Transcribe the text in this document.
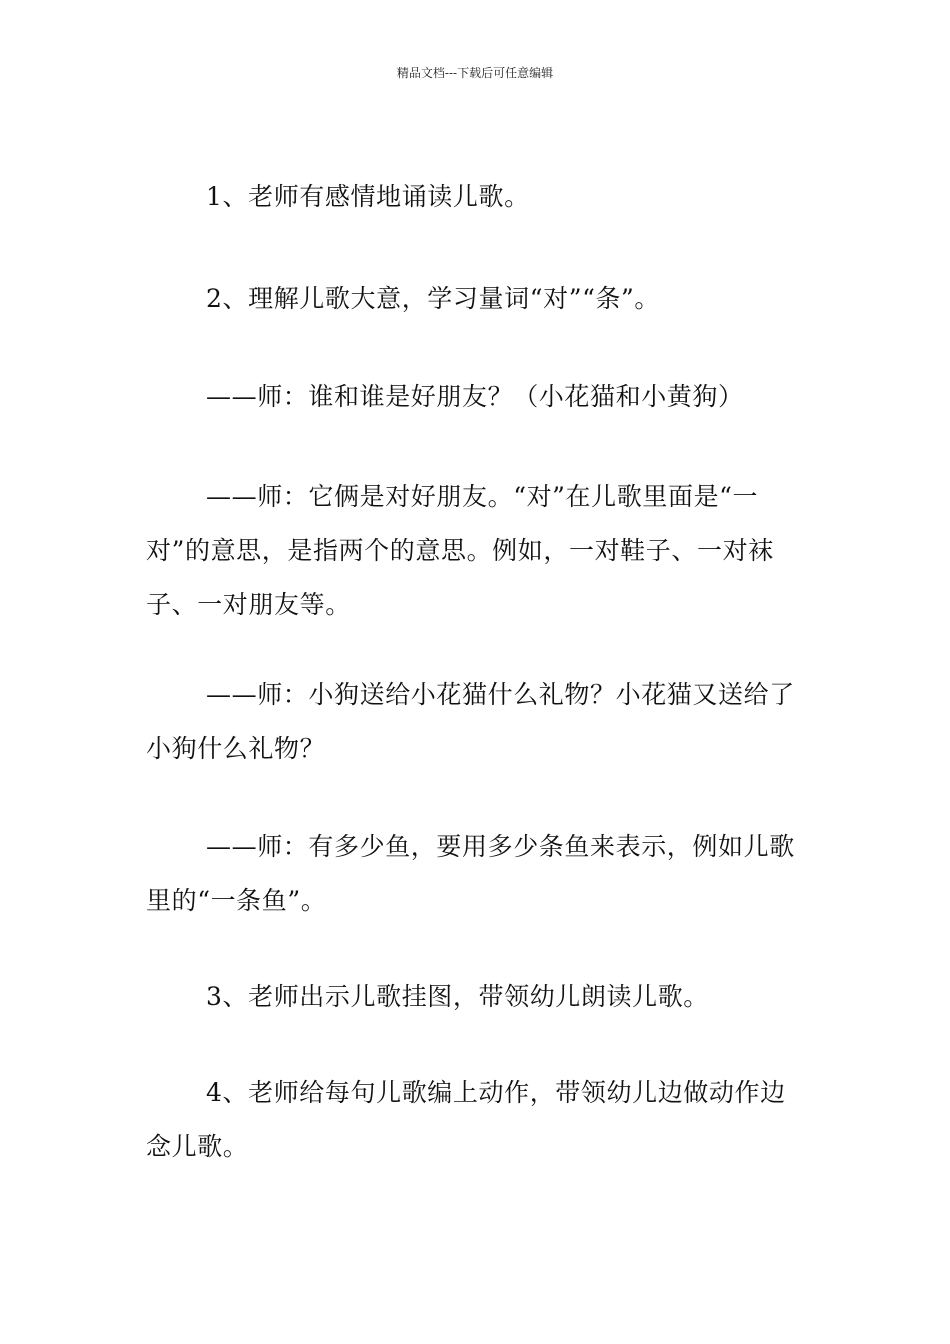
精品文档---下载后可任意编辑

1、老师有感情地诵读儿歌。

2、理解儿歌大意，学习量词“对”“条”。

——师：谁和谁是好朋友？（小花猫和小黄狗）

——师：它俩是对好朋友。“对”在儿歌里面是“一对”的意思，是指两个的意思。例如，一对鞋子、一对袜子、一对朋友等。

——师：小狗送给小花猫什么礼物？小花猫又送给了小狗什么礼物？

——师：有多少鱼，要用多少条鱼来表示，例如儿歌里的“一条鱼”。

3、老师出示儿歌挂图，带领幼儿朗读儿歌。

4、老师给每句儿歌编上动作，带领幼儿边做动作边念儿歌。
